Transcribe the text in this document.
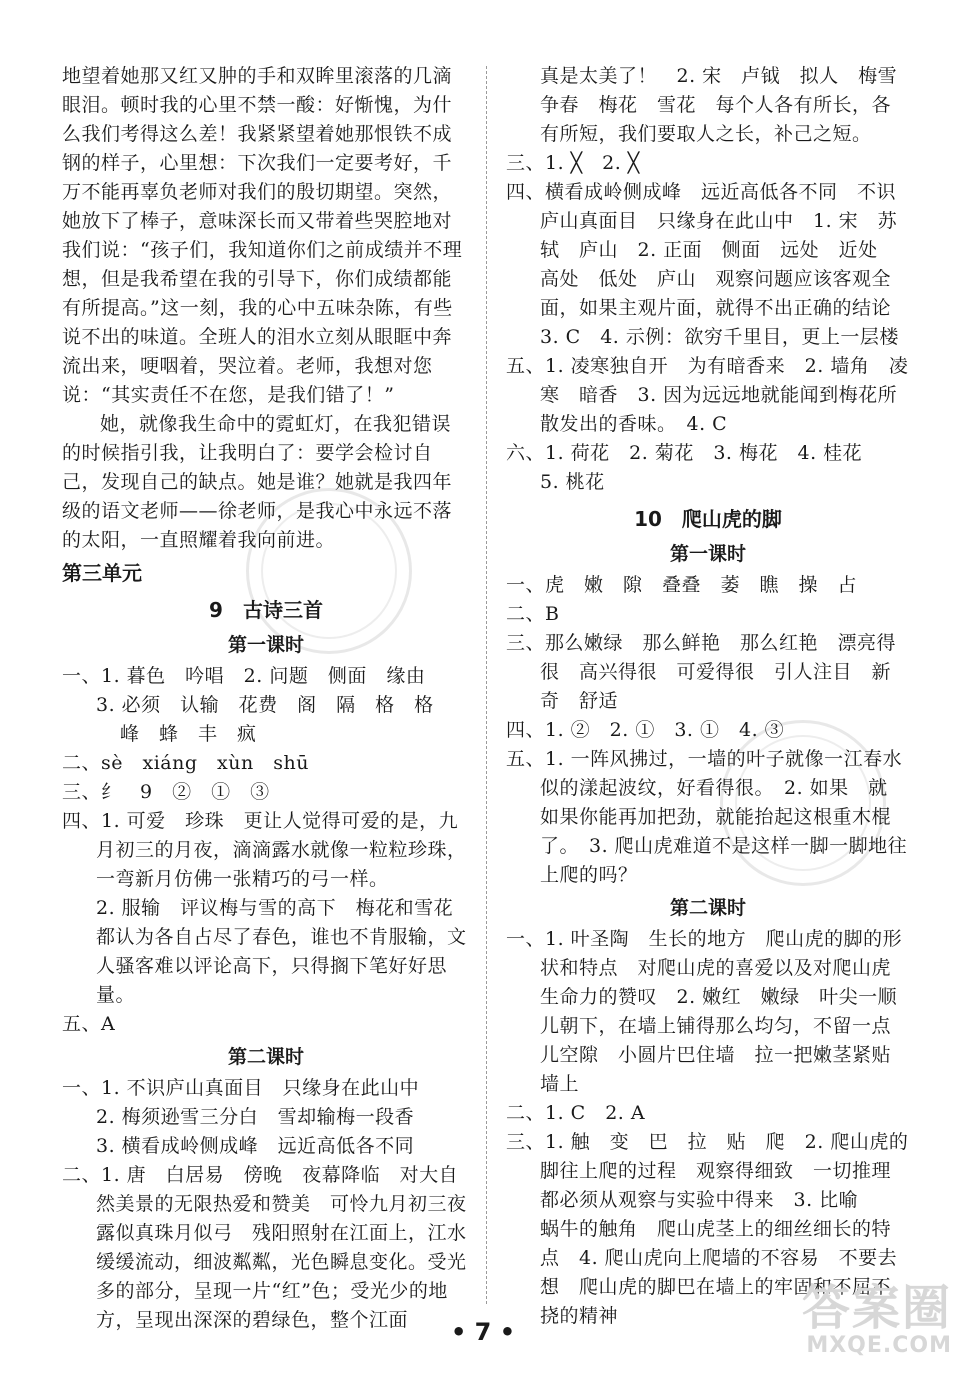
地望着她那又红又肿的手和双眸里滚落的几滴眼泪。顿时我的心里不禁一酸：好惭愧，为什么我们考得这么差！我紧紧望着她那恨铁不成钢的样子，心里想：下次我们一定要考好，千万不能再辜负老师对我们的殷切期望。突然，她放下了棒子，意味深长而又带着些哭腔地对我们说：“孩子们，我知道你们之前成绩并不理想，但是我希望在我的引导下，你们成绩都能有所提高。”这一刻，我的心中五味杂陈，有些说不出的味道。全班人的泪水立刻从眼眶中奔流出来，哽咽着，哭泣着。老师，我想对您说：“其实责任不在您，是我们错了！”

她，就像我生命中的霓虹灯，在我犯错误的时候指引我，让我明白了：要学会检讨自己，发现自己的缺点。她是谁？她就是我四年级的语文老师——徐老师，是我心中永远不落的太阳，一直照耀着我向前进。

第三单元
9　古诗三首
第一课时

一、1. 暮色　吟唱　2. 问题　侧面　缘由

3. 必须　认输　花费　阁　隔　格　格

峰　蜂　丰　疯

二、sè　xiáng　xùn　shū

三、纟　9　②　①　③

四、1. 可爱　珍珠　更让人觉得可爱的是，九月初三的月夜，滴滴露水就像一粒粒珍珠，一弯新月仿佛一张精巧的弓一样。

2. 服输　评议梅与雪的高下　梅花和雪花都认为各自占尽了春色，谁也不肯服输，文人骚客难以评论高下，只得搁下笔好好思量。

五、A

第二课时

一、1. 不识庐山真面目　只缘身在此山中

2. 梅须逊雪三分白　雪却输梅一段香

3. 横看成岭侧成峰　远近高低各不同

二、1. 唐　白居易　傍晚　夜幕降临　对大自然美景的无限热爱和赞美　可怜九月初三夜　露似真珠月似弓　残阳照射在江面上，江水缓缓流动，细波粼粼，光色瞬息变化。受光多的部分，呈现一片“红”色；受光少的地方，呈现出深深的碧绿色，整个江面

真是太美了！　2. 宋　卢钺　拟人　梅雪争春　梅花　雪花　每个人各有所长，各有所短，我们要取人之长，补己之短。

三、1. ╳　2. ╳

四、横看成岭侧成峰　远近高低各不同　不识庐山真面目　只缘身在此山中　1. 宋　苏轼　庐山　2. 正面　侧面　远处　近处　高处　低处　庐山　观察问题应该客观全面，如果主观片面，就得不出正确的结论　3. C　4. 示例：欲穷千里目，更上一层楼

五、1. 凌寒独自开　为有暗香来　2. 墙角　凌寒　暗香　3. 因为远远地就能闻到梅花所散发出的香味。　4. C

六、1. 荷花　2. 菊花　3. 梅花　4. 桂花

5. 桃花

10　爬山虎的脚
第一课时

一、虎　嫩　隙　叠叠　萎　瞧　操　占

二、B

三、那么嫩绿　那么鲜艳　那么红艳　漂亮得很　高兴得很　可爱得很　引人注目　新奇　舒适

四、1. ②　2. ①　3. ①　4. ③

五、1. 一阵风拂过，一墙的叶子就像一江春水似的漾起波纹，好看得很。　2. 如果　就

如果你能再加把劲，就能抬起这根重木棍了。　3. 爬山虎难道不是这样一脚一脚地往上爬的吗？

第二课时

一、1. 叶圣陶　生长的地方　爬山虎的脚的形状和特点　对爬山虎的喜爱以及对爬山虎生命力的赞叹　2. 嫩红　嫩绿　叶尖一顺儿朝下，在墙上铺得那么均匀，不留一点儿空隙　小圆片巴住墙　拉一把嫩茎紧贴墙上

二、1. C　2. A

三、1. 触　变　巴　拉　贴　爬　2. 爬山虎的脚往上爬的过程　观察得细致　一切推理都必须从观察与实验中得来　3. 比喻

蜗牛的触角　爬山虎茎上的细丝细长的特点　4. 爬山虎向上爬墙的不容易　不要去想　爬山虎的脚巴在墙上的牢固和不屈不挠的精神

• 7 •	答案圈
MXQE.COM
